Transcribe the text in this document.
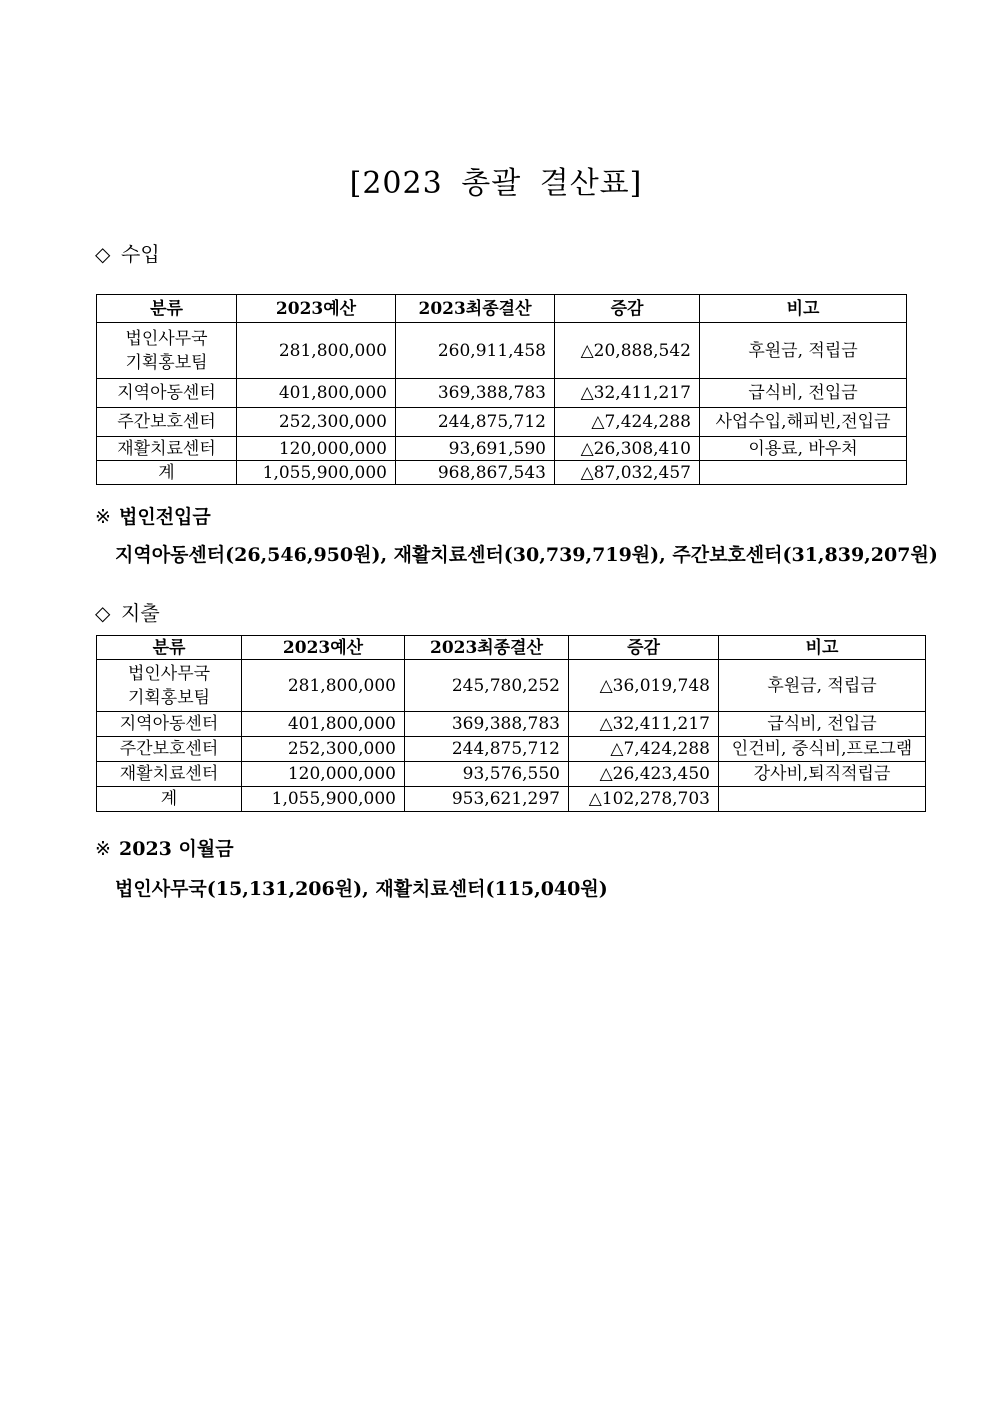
[2023 총괄 결산표]
◇ 수입
분류	2023예산	2023최종결산	증감	비고

법인사무국
기획홍보팀	281,800,000	260,911,458	△20,888,542	후원금, 적립금
지역아동센터	401,800,000	369,388,783	△32,411,217	급식비, 전입금
주간보호센터	252,300,000	244,875,712	△7,424,288	사업수입,해피빈,전입금
재활치료센터	120,000,000	93,691,590	△26,308,410	이용료, 바우처
계	1,055,900,000	968,867,543	△87,032,457	
※ 법인전입금
지역아동센터(26,546,950원), 재활치료센터(30,739,719원), 주간보호센터(31,839,207원)
◇ 지출
분류	2023예산	2023최종결산	증감	비고

법인사무국
기획홍보팀	281,800,000	245,780,252	△36,019,748	후원금, 적립금
지역아동센터	401,800,000	369,388,783	△32,411,217	급식비, 전입금
주간보호센터	252,300,000	244,875,712	△7,424,288	인건비, 중식비,프로그램
재활치료센터	120,000,000	93,576,550	△26,423,450	강사비,퇴직적립금
계	1,055,900,000	953,621,297	△102,278,703	
※ 2023 이월금
법인사무국(15,131,206원), 재활치료센터(115,040원)
